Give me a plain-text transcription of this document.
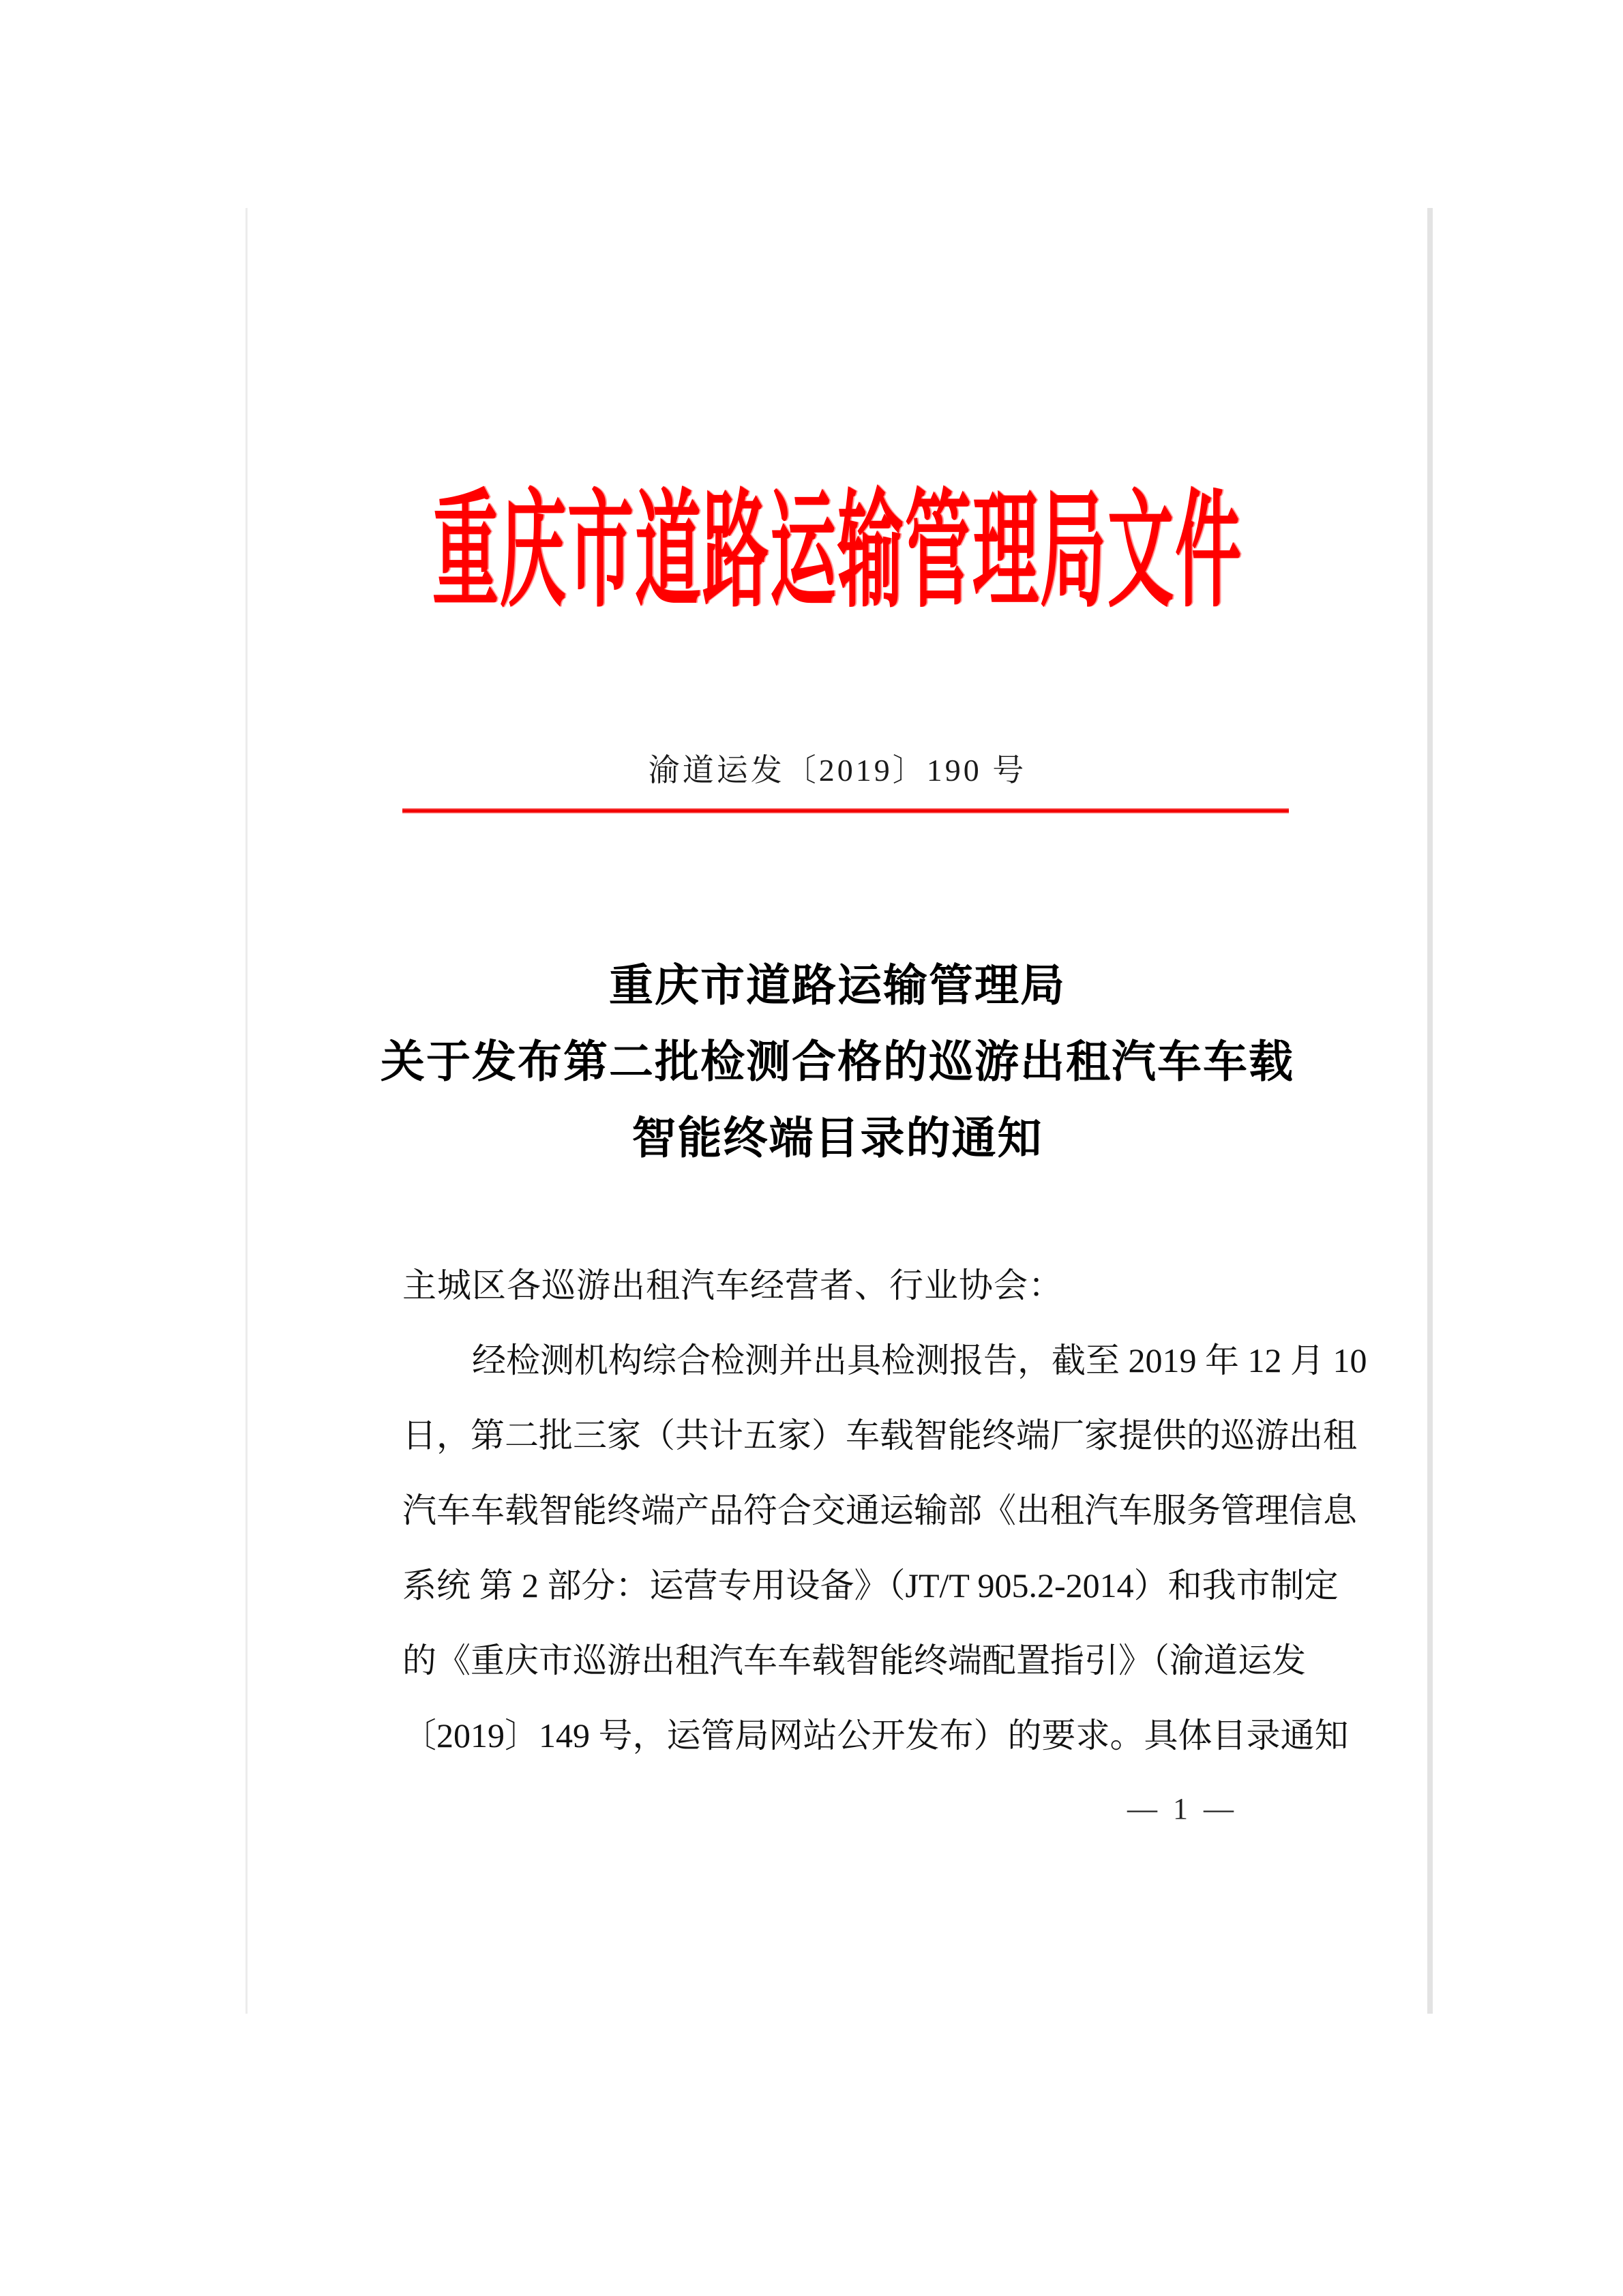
重庆市道路运输管理局文件
渝道运发〔2019〕190 号
重庆市道路运输管理局
关于发布第二批检测合格的巡游出租汽车车载
智能终端目录的通知
主城区各巡游出租汽车经营者、行业协会：
经检测机构综合检测并出具检测报告，截至 2019 年 12 月 10
日，第二批三家（共计五家）车载智能终端厂家提供的巡游出租
汽车车载智能终端产品符合交通运输部《出租汽车服务管理信息
系统 第 2 部分：运营专用设备》（JT/T 905.2-2014）和我市制定
的《重庆市巡游出租汽车车载智能终端配置指引》（渝道运发
〔2019〕149 号，运管局网站公开发布）的要求。具体目录通知
— 1 —
